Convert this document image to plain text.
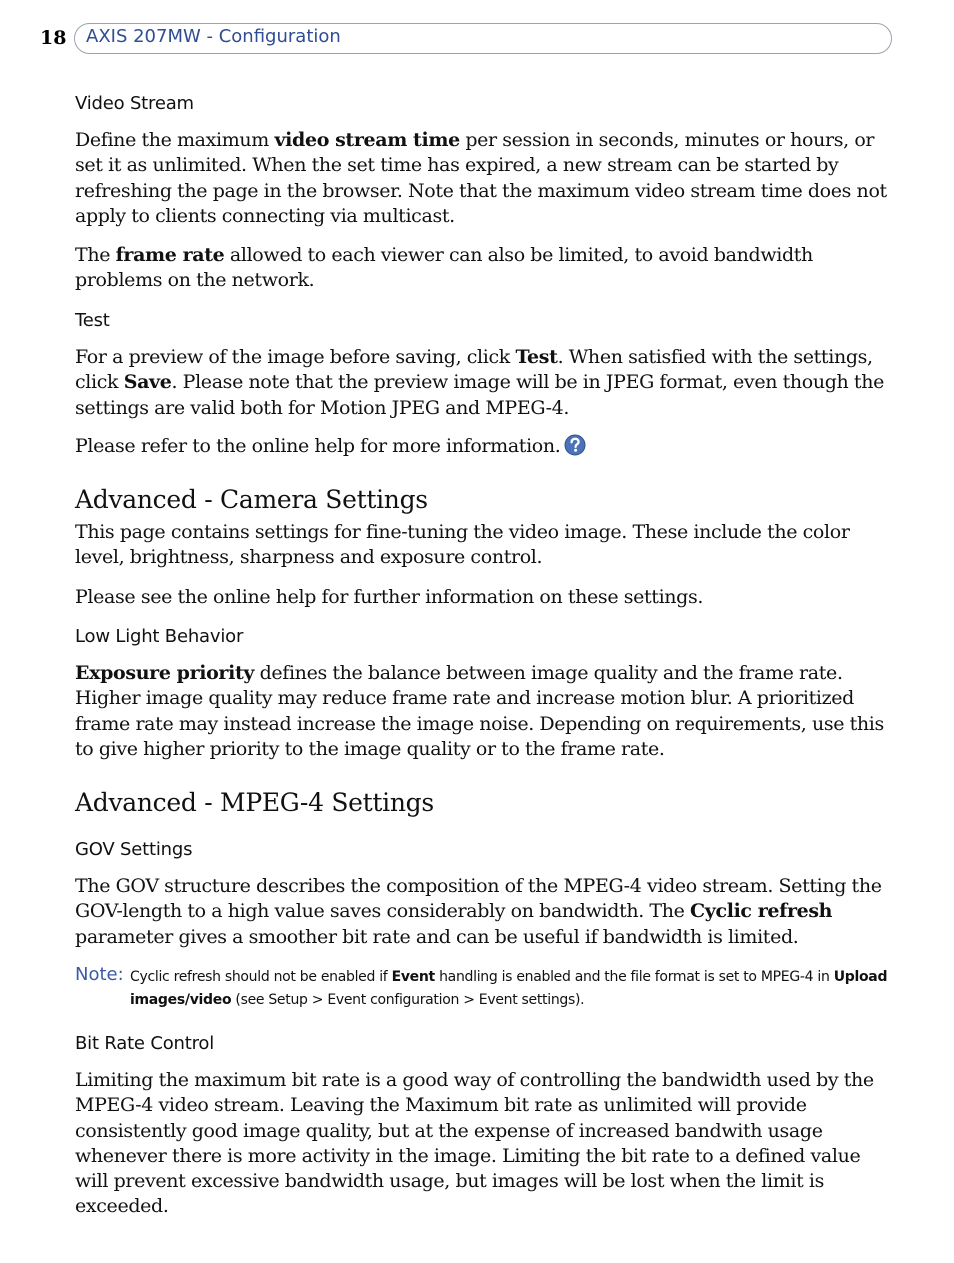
18 AXIS 207MW - Configuration
Video Stream

Define the maximum video stream time per session in seconds, minutes or hours, or set it as unlimited. When the set time has expired, a new stream can be started by refreshing the page in the browser. Note that the maximum video stream time does not apply to clients connecting via multicast.

The frame rate allowed to each viewer can also be limited, to avoid bandwidth problems on the network.

Test

For a preview of the image before saving, click Test. When satisfied with the settings, click Save. Please note that the preview image will be in JPEG format, even though the settings are valid both for Motion JPEG and MPEG-4.

Please refer to the online help for more information.

Advanced - Camera Settings

This page contains settings for fine-tuning the video image. These include the color level, brightness, sharpness and exposure control.

Please see the online help for further information on these settings.

Low Light Behavior

Exposure priority defines the balance between image quality and the frame rate. Higher image quality may reduce frame rate and increase motion blur. A prioritized frame rate may instead increase the image noise. Depending on requirements, use this to give higher priority to the image quality or to the frame rate.

Advanced - MPEG-4 Settings
GOV Settings

The GOV structure describes the composition of the MPEG-4 video stream. Setting the GOV-length to a high value saves considerably on bandwidth. The Cyclic refresh parameter gives a smoother bit rate and can be useful if bandwidth is limited.

Note: Cyclic refresh should not be enabled if Event handling is enabled and the file format is set to MPEG-4 in Upload images/video (see Setup > Event configuration > Event settings).
Bit Rate Control

Limiting the maximum bit rate is a good way of controlling the bandwidth used by the MPEG-4 video stream. Leaving the Maximum bit rate as unlimited will provide consistently good image quality, but at the expense of increased bandwith usage whenever there is more activity in the image. Limiting the bit rate to a defined value will prevent excessive bandwidth usage, but images will be lost when the limit is exceeded.
